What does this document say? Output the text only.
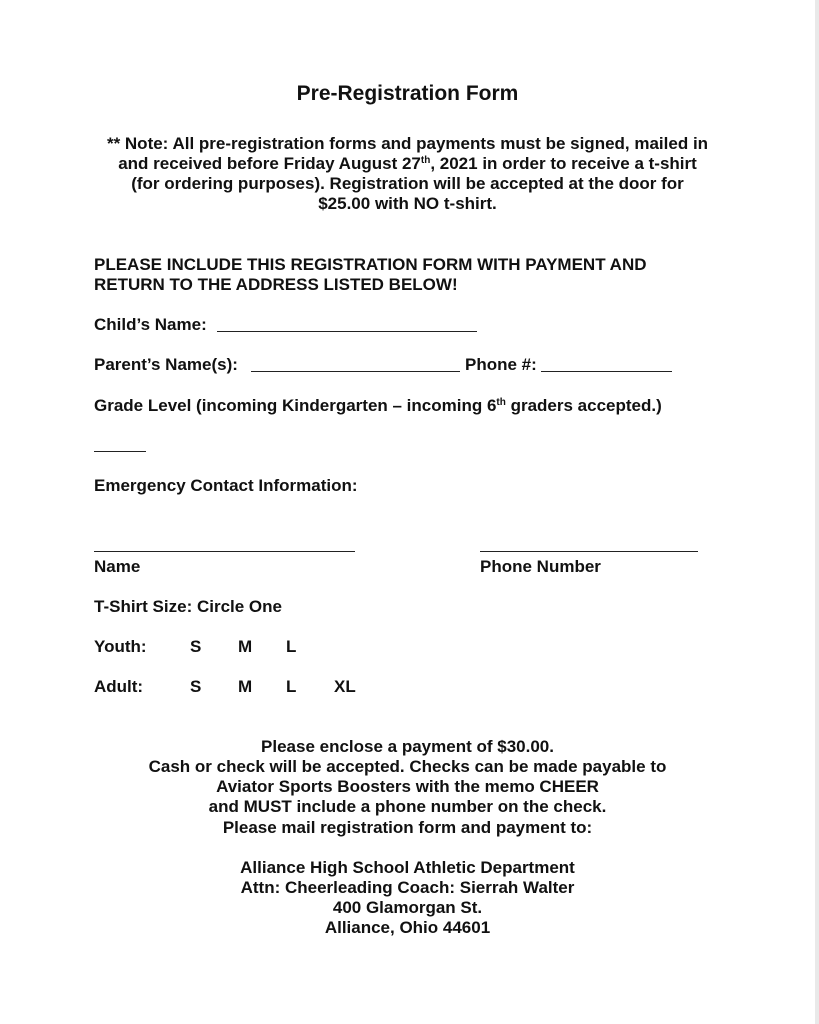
Pre-Registration Form
** Note: All pre-registration forms and payments must be signed, mailed in
and received before Friday August 27th, 2021 in order to receive a t-shirt
(for ordering purposes). Registration will be accepted at the door for
$25.00 with NO t-shirt.
PLEASE INCLUDE THIS REGISTRATION FORM WITH PAYMENT AND
RETURN TO THE ADDRESS LISTED BELOW!
Child’s Name:
Parent’s Name(s):	Phone #:
Grade Level (incoming Kindergarten – incoming 6th graders accepted.)
Emergency Contact Information:
Name	Phone Number
T-Shirt Size: Circle One
Youth:	S M L
Adult:	S M L XL
Please enclose a payment of $30.00.
Cash or check will be accepted. Checks can be made payable to
Aviator Sports Boosters with the memo CHEER
and MUST include a phone number on the check.
Please mail registration form and payment to:
Alliance High School Athletic Department
Attn: Cheerleading Coach: Sierrah Walter
400 Glamorgan St.
Alliance, Ohio 44601
